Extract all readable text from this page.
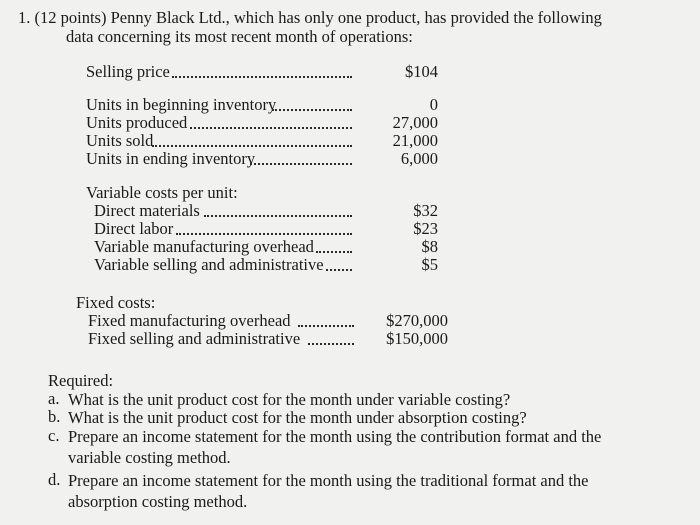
1. (12 points) Penny Black Ltd., which has only one product, has provided the following
data concerning its most recent month of operations:
Selling price	$104
Units in beginning inventory	0
Units produced	27,000
Units sold	21,000
Units in ending inventory	6,000
Variable costs per unit:
Direct materials	$32
Direct labor	$23
Variable manufacturing overhead	$8
Variable selling and administrative	$5
Fixed costs:
Fixed manufacturing overhead	$270,000
Fixed selling and administrative	$150,000
Required:
a. What is the unit product cost for the month under variable costing?
b. What is the unit product cost for the month under absorption costing?
c. Prepare an income statement for the month using the contribution format and the variable costing method.
d. Prepare an income statement for the month using the traditional format and the absorption costing method.
